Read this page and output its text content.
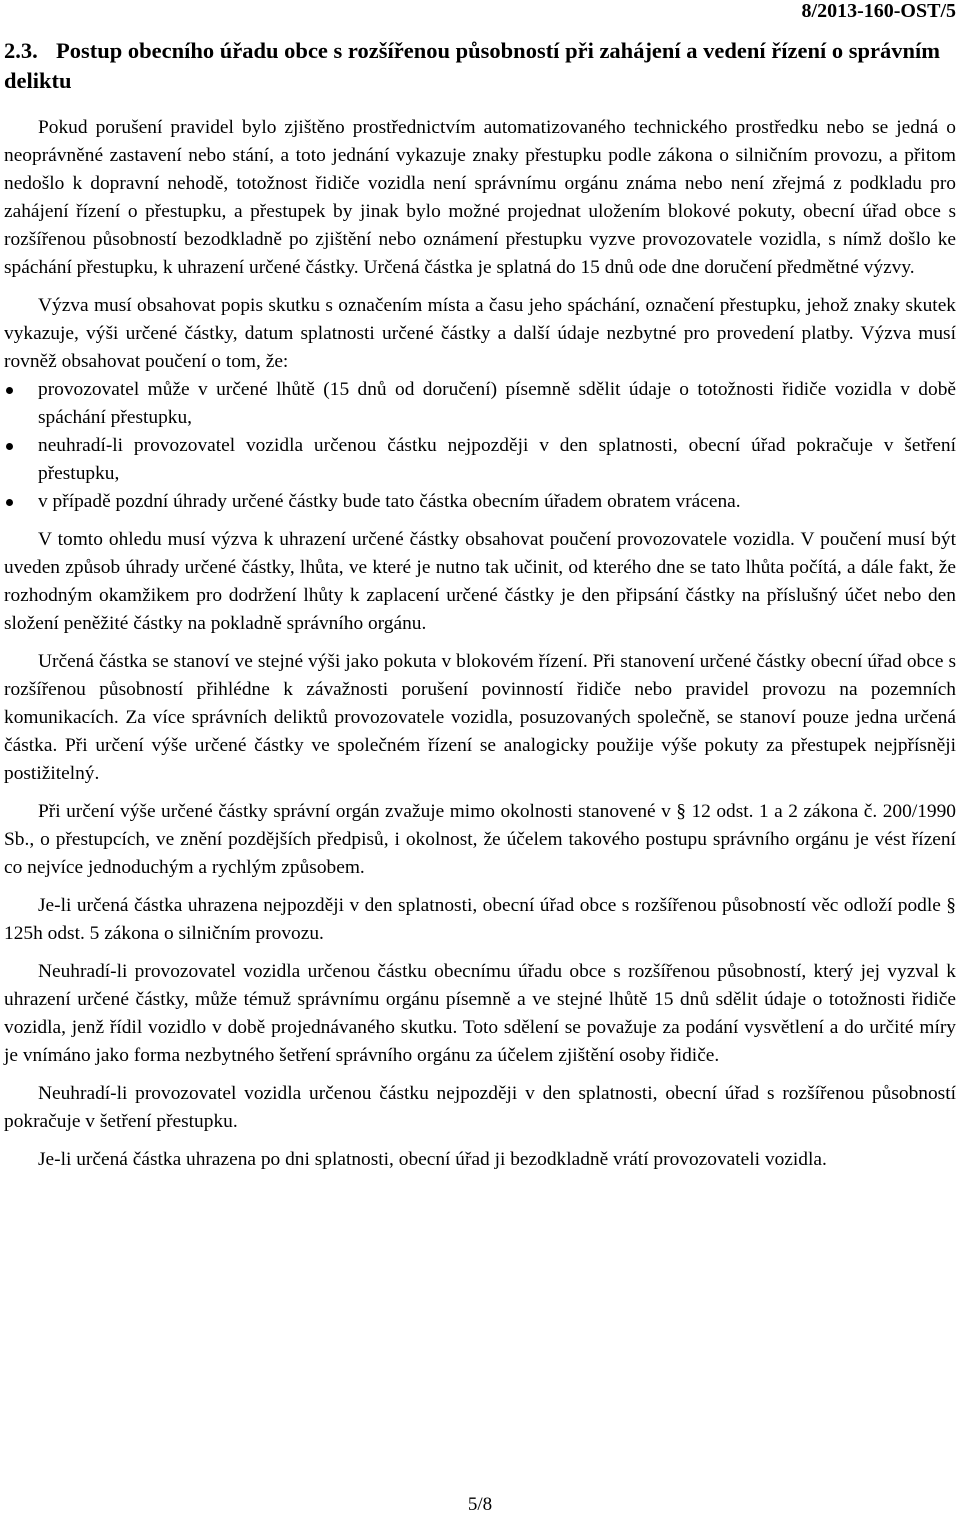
8/2013-160-OST/5
2.3. Postup obecního úřadu obce s rozšířenou působností při zahájení a vedení řízení o správním deliktu

Pokud porušení pravidel bylo zjištěno prostřednictvím automatizovaného technického prostředku nebo se jedná o neoprávněné zastavení nebo stání, a toto jednání vykazuje znaky přestupku podle zákona o silničním provozu, a přitom nedošlo k dopravní nehodě, totožnost řidiče vozidla není správnímu orgánu známa nebo není zřejmá z podkladu pro zahájení řízení o přestupku, a přestupek by jinak bylo možné projednat uložením blokové pokuty, obecní úřad obce s rozšířenou působností bezodkladně po zjištění nebo oznámení přestupku vyzve provozovatele vozidla, s nímž došlo ke spáchání přestupku, k uhrazení určené částky. Určená částka je splatná do 15 dnů ode dne doručení předmětné výzvy.

Výzva musí obsahovat popis skutku s označením místa a času jeho spáchání, označení přestupku, jehož znaky skutek vykazuje, výši určené částky, datum splatnosti určené částky a další údaje nezbytné pro provedení platby. Výzva musí rovněž obsahovat poučení o tom, že:

provozovatel může v určené lhůtě (15 dnů od doručení) písemně sdělit údaje o totožnosti řidiče vozidla v době spáchání přestupku,
neuhradí-li provozovatel vozidla určenou částku nejpozději v den splatnosti, obecní úřad pokračuje v šetření přestupku,
v případě pozdní úhrady určené částky bude tato částka obecním úřadem obratem vrácena.

V tomto ohledu musí výzva k uhrazení určené částky obsahovat poučení provozovatele vozidla. V poučení musí být uveden způsob úhrady určené částky, lhůta, ve které je nutno tak učinit, od kterého dne se tato lhůta počítá, a dále fakt, že rozhodným okamžikem pro dodržení lhůty k zaplacení určené částky je den připsání částky na příslušný účet nebo den složení peněžité částky na pokladně správního orgánu.

Určená částka se stanoví ve stejné výši jako pokuta v blokovém řízení. Při stanovení určené částky obecní úřad obce s rozšířenou působností přihlédne k závažnosti porušení povinností řidiče nebo pravidel provozu na pozemních komunikacích. Za více správních deliktů provozovatele vozidla, posuzovaných společně, se stanoví pouze jedna určená částka. Při určení výše určené částky ve společném řízení se analogicky použije výše pokuty za přestupek nejpřísněji postižitelný.

Při určení výše určené částky správní orgán zvažuje mimo okolnosti stanovené v § 12 odst. 1 a 2 zákona č. 200/1990 Sb., o přestupcích, ve znění pozdějších předpisů, i okolnost, že účelem takového postupu správního orgánu je vést řízení co nejvíce jednoduchým a rychlým způsobem.

Je-li určená částka uhrazena nejpozději v den splatnosti, obecní úřad obce s rozšířenou působností věc odloží podle § 125h odst. 5 zákona o silničním provozu.

Neuhradí-li provozovatel vozidla určenou částku obecnímu úřadu obce s rozšířenou působností, který jej vyzval k uhrazení určené částky, může témuž správnímu orgánu písemně a ve stejné lhůtě 15 dnů sdělit údaje o totožnosti řidiče vozidla, jenž řídil vozidlo v době projednávaného skutku. Toto sdělení se považuje za podání vysvětlení a do určité míry je vnímáno jako forma nezbytného šetření správního orgánu za účelem zjištění osoby řidiče.

Neuhradí-li provozovatel vozidla určenou částku nejpozději v den splatnosti, obecní úřad s rozšířenou působností pokračuje v šetření přestupku.

Je-li určená částka uhrazena po dni splatnosti, obecní úřad ji bezodkladně vrátí provozovateli vozidla.

5/8
